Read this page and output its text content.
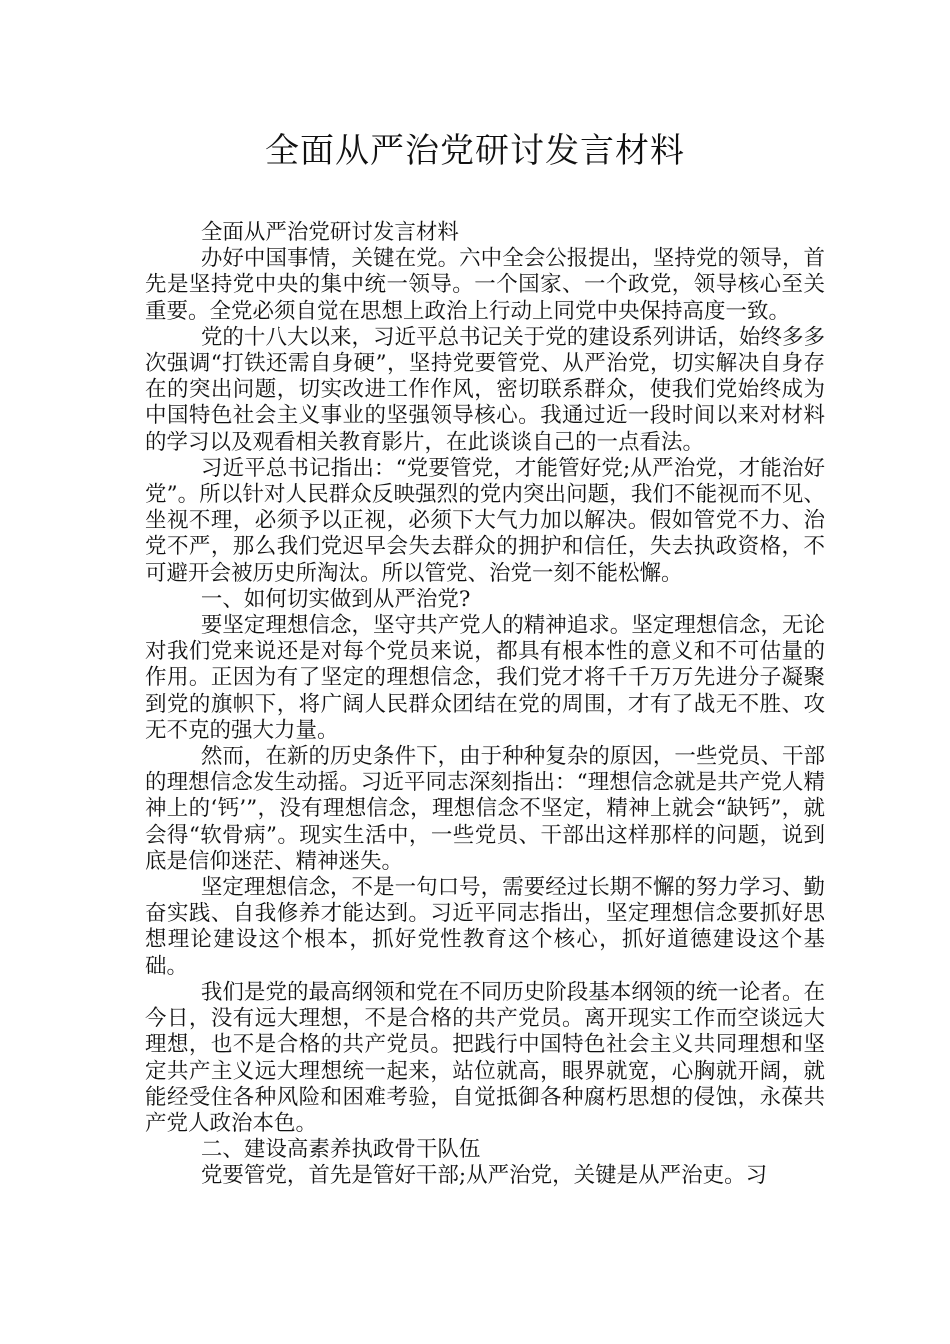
全面从严治党研讨发言材料

全面从严治党研讨发言材料

办好中国事情，关键在党。六中全会公报提出，坚持党的领导，首先是坚持党中央的集中统一领导。一个国家、一个政党，领导核心至关重要。全党必须自觉在思想上政治上行动上同党中央保持高度一致。

党的十八大以来，习近平总书记关于党的建设系列讲话，始终多多次强调“打铁还需自身硬”，坚持党要管党、从严治党，切实解决自身存在的突出问题，切实改进工作作风，密切联系群众，使我们党始终成为中国特色社会主义事业的坚强领导核心。我通过近一段时间以来对材料的学习以及观看相关教育影片，在此谈谈自己的一点看法。

习近平总书记指出：“党要管党，才能管好党;从严治党，才能治好党”。所以针对人民群众反映强烈的党内突出问题，我们不能视而不见、坐视不理，必须予以正视，必须下大气力加以解决。假如管党不力、治党不严，那么我们党迟早会失去群众的拥护和信任，失去执政资格，不可避开会被历史所淘汰。所以管党、治党一刻不能松懈。

一、如何切实做到从严治党?

要坚定理想信念，坚守共产党人的精神追求。坚定理想信念，无论对我们党来说还是对每个党员来说，都具有根本性的意义和不可估量的作用。正因为有了坚定的理想信念，我们党才将千千万万先进分子凝聚到党的旗帜下，将广阔人民群众团结在党的周围，才有了战无不胜、攻无不克的强大力量。

然而，在新的历史条件下，由于种种复杂的原因，一些党员、干部的理想信念发生动摇。习近平同志深刻指出：“理想信念就是共产党人精神上的‘钙’”，没有理想信念，理想信念不坚定，精神上就会“缺钙”，就会得“软骨病”。现实生活中，一些党员、干部出这样那样的问题，说到底是信仰迷茫、精神迷失。

坚定理想信念，不是一句口号，需要经过长期不懈的努力学习、勤奋实践、自我修养才能达到。习近平同志指出，坚定理想信念要抓好思想理论建设这个根本，抓好党性教育这个核心，抓好道德建设这个基础。

我们是党的最高纲领和党在不同历史阶段基本纲领的统一论者。在今日，没有远大理想，不是合格的共产党员。离开现实工作而空谈远大理想，也不是合格的共产党员。把践行中国特色社会主义共同理想和坚定共产主义远大理想统一起来，站位就高，眼界就宽，心胸就开阔，就能经受住各种风险和困难考验，自觉抵御各种腐朽思想的侵蚀，永葆共产党人政治本色。

二、建设高素养执政骨干队伍

党要管党，首先是管好干部;从严治党，关键是从严治吏。习
